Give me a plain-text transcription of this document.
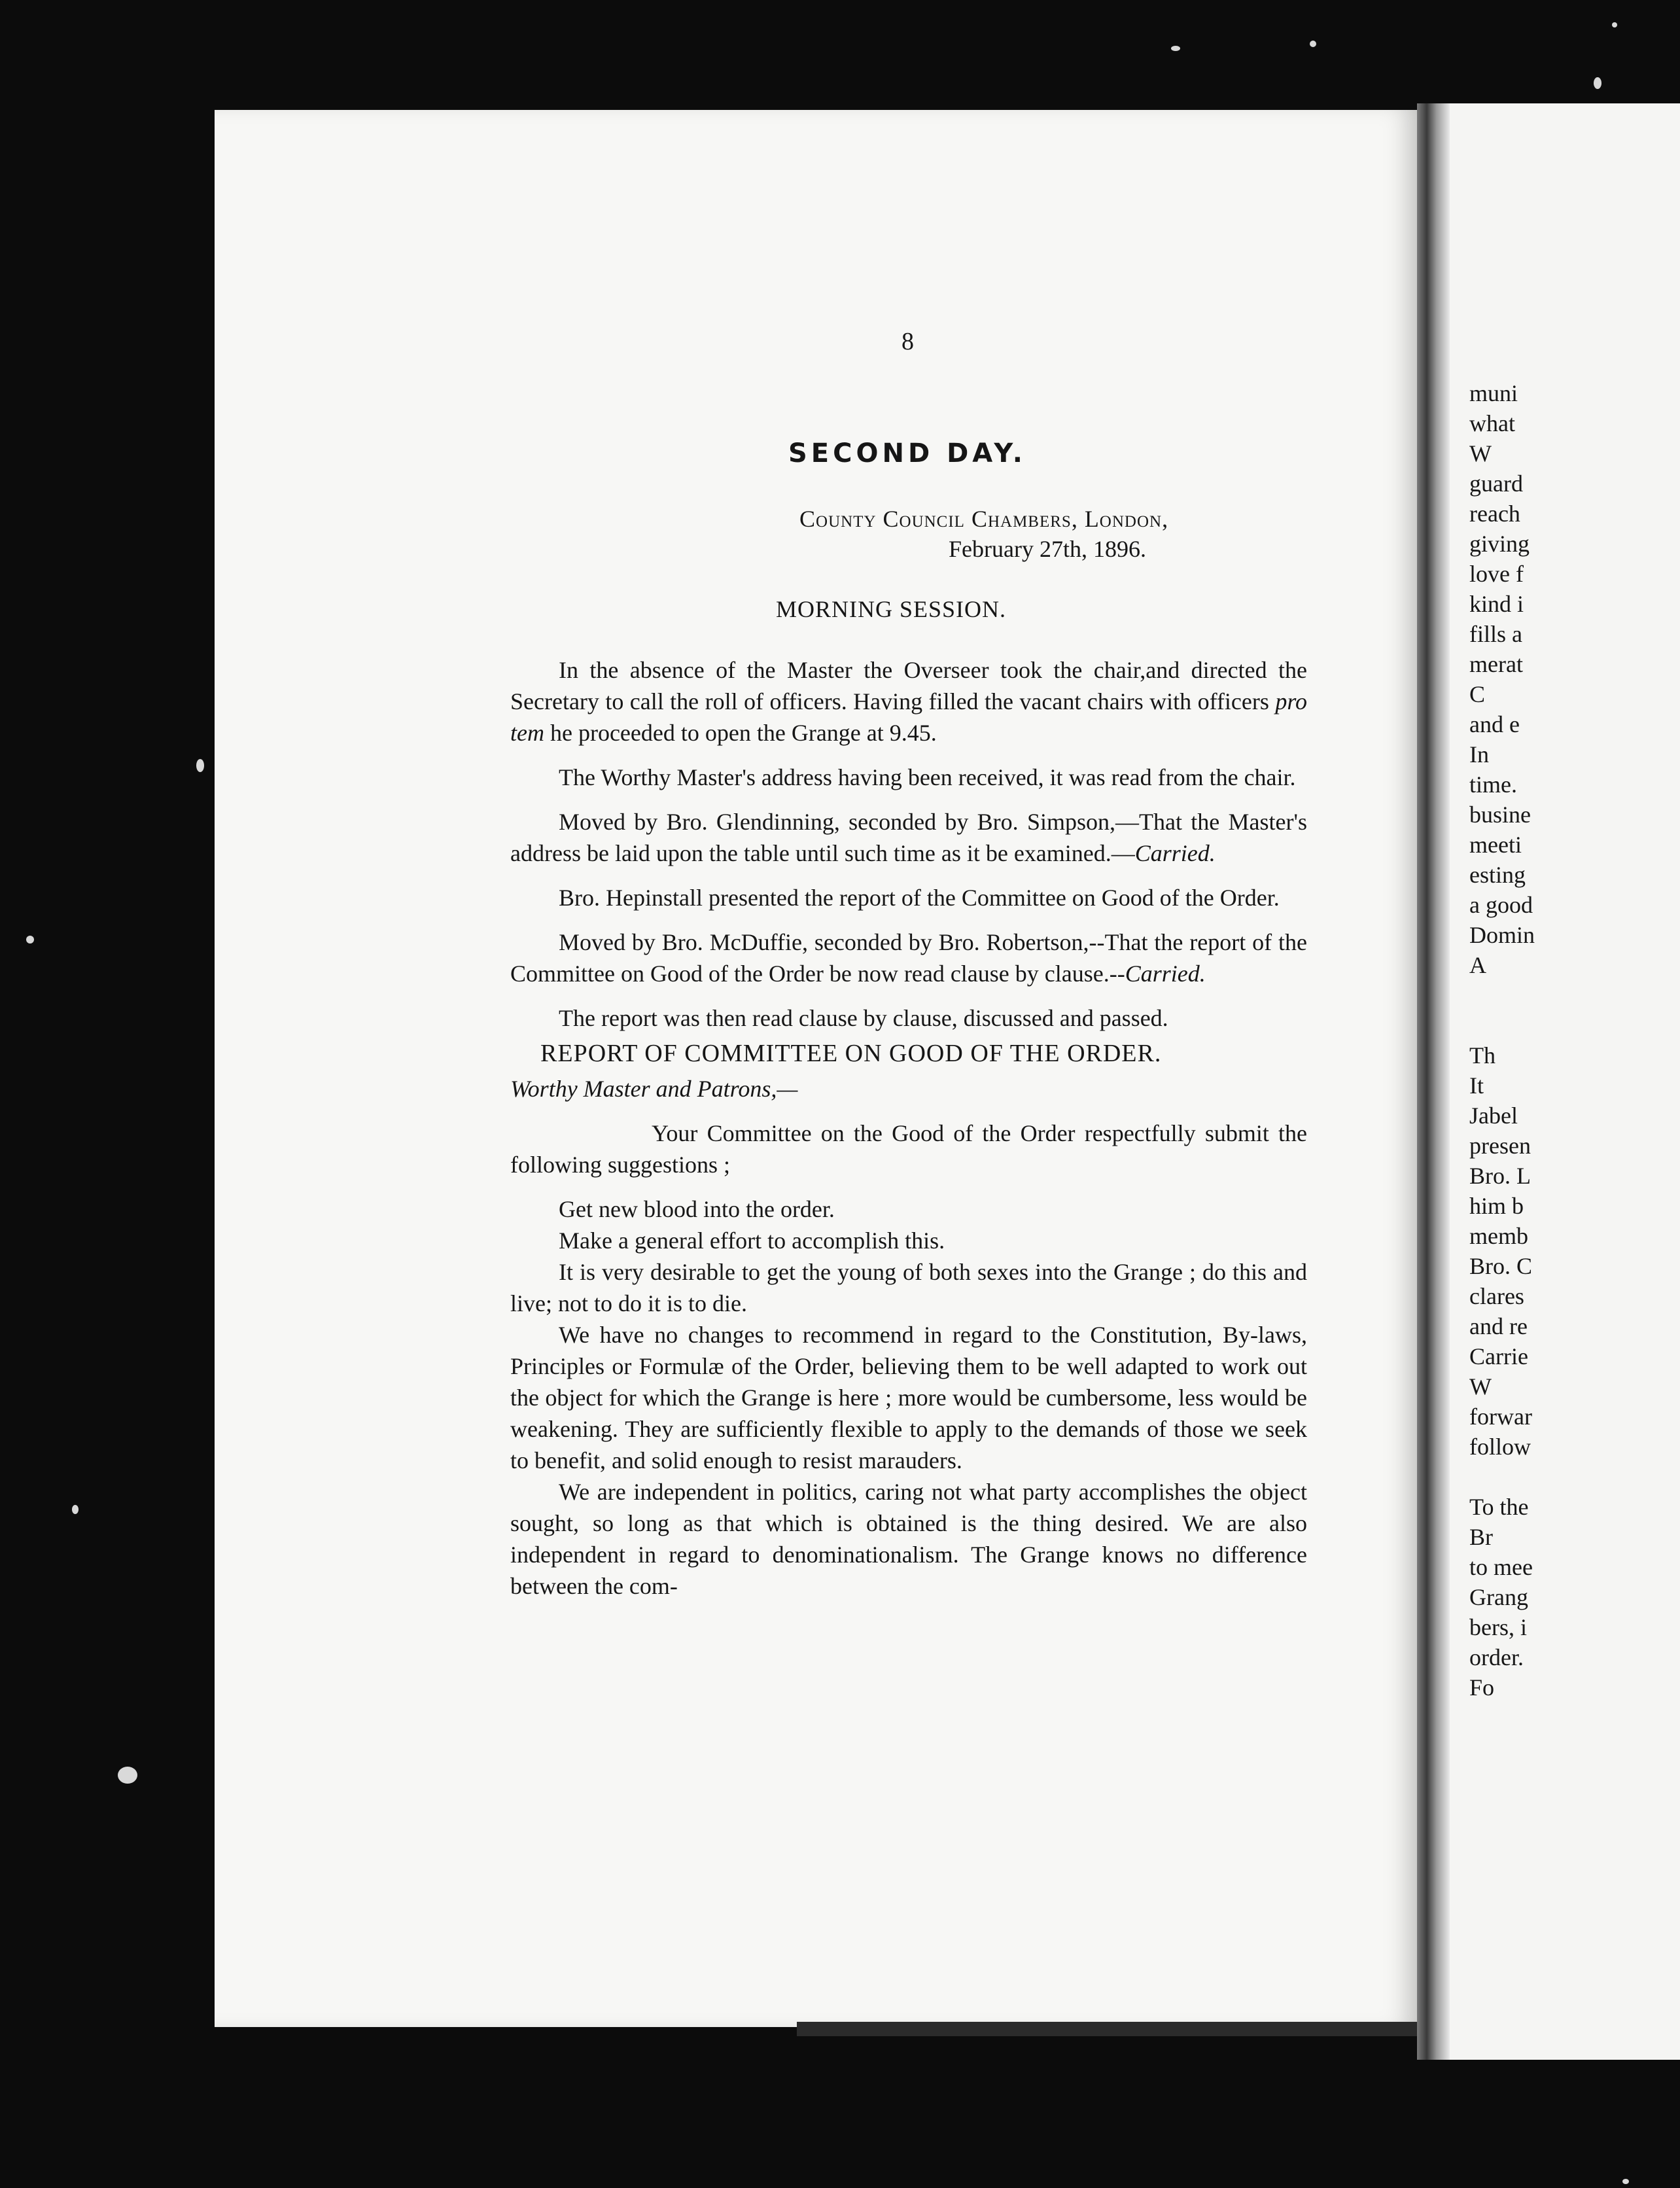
muni
what
W
guard
reach
giving
love f
kind i
fills a
merat
C
and e
In
time.
busine
meeti
esting
a good
Domin
A
Th
It
Jabel
presen
Bro. L
him b
memb
Bro. C
clares
and re
Carrie
W
forwar
follow
To the
Br
to mee
Grang
bers, i
order.
Fo
8
SECOND DAY.
County Council Chambers, London,
February 27th, 1896.
MORNING SESSION.

In the absence of the Master the Overseer took the chair,and directed the Secretary to call the roll of officers. Having filled the vacant chairs with officers pro tem he proceeded to open the Grange at 9.45.

The Worthy Master's address having been received, it was read from the chair.

Moved by Bro. Glendinning, seconded by Bro. Simpson,—That the Master's address be laid upon the table until such time as it be examined.—Carried.

Bro. Hepinstall presented the report of the Committee on Good of the Order.

Moved by Bro. McDuffie, seconded by Bro. Robertson,--That the report of the Committee on Good of the Order be now read clause by clause.--Carried.

The report was then read clause by clause, discussed and passed.

REPORT OF COMMITTEE ON GOOD OF THE ORDER.

Worthy Master and Patrons,—

Your Committee on the Good of the Order respectfully submit the following suggestions ;

Get new blood into the order.

Make a general effort to accomplish this.

It is very desirable to get the young of both sexes into the Grange ; do this and live; not to do it is to die.

We have no changes to recommend in regard to the Constitution, By-laws, Principles or Formulæ of the Order, believing them to be well adapted to work out the object for which the Grange is here ; more would be cumbersome, less would be weakening. They are sufficiently flexible to apply to the demands of those we seek to benefit, and solid enough to resist marauders.

We are independent in politics, caring not what party accomplishes the object sought, so long as that which is obtained is the thing desired. We are also independent in regard to denominationalism. The Grange knows no difference between the com-
